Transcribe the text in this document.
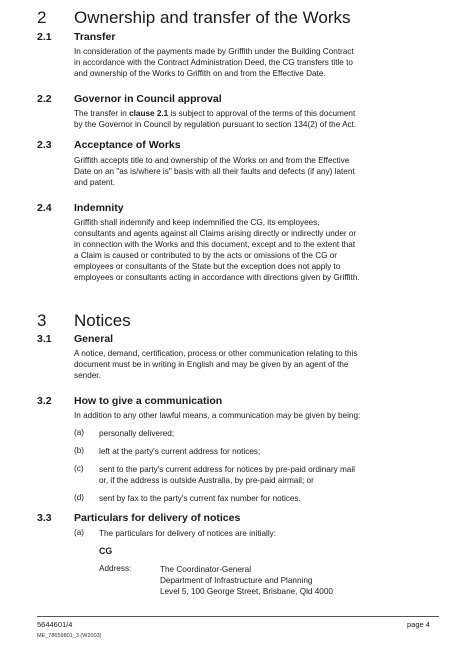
2 Ownership and transfer of the Works
2.1 Transfer
In consideration of the payments made by Griffith under the Building Contract
in accordance with the Contract Administration Deed, the CG transfers title to
and ownership of the Works to Griffith on and from the Effective Date.
2.2 Governor in Council approval
The transfer in clause 2.1 is subject to approval of the terms of this document
by the Governor in Council by regulation pursuant to section 134(2) of the Act.
2.3 Acceptance of Works
Griffith accepts title to and ownership of the Works on and from the Effective
Date on an "as is/where is" basis with all their faults and defects (if any) latent
and patent.
2.4 Indemnity
Griffith shall indemnify and keep indemnified the CG, its employees,
consultants and agents against all Claims arising directly or indirectly under or
in connection with the Works and this document, except and to the extent that
a Claim is caused or contributed to by the acts or omissions of the CG or
employees or consultants of the State but the exception does not apply to
employees or consultants acting in accordance with directions given by Griffith.
3 Notices
3.1 General
A notice, demand, certification, process or other communication relating to this
document must be in writing in English and may be given by an agent of the
sender.
3.2 How to give a communication
In addition to any other lawful means, a communication may be given by being:
(a) personally delivered;
(b) left at the party's current address for notices;
(c) sent to the party's current address for notices by pre-paid ordinary mail
or, if the address is outside Australia, by pre-paid airmail; or
(d) sent by fax to the party's current fax number for notices.
3.3 Particulars for delivery of notices
(a) The particulars for delivery of notices are initially:
CG
Address:	The Coordinator-General
Department of Infrastructure and Planning
Level 5, 100 George Street, Brisbane, Qld 4000
5644601/4	page 4
ME_78659801_3 (W2003)
